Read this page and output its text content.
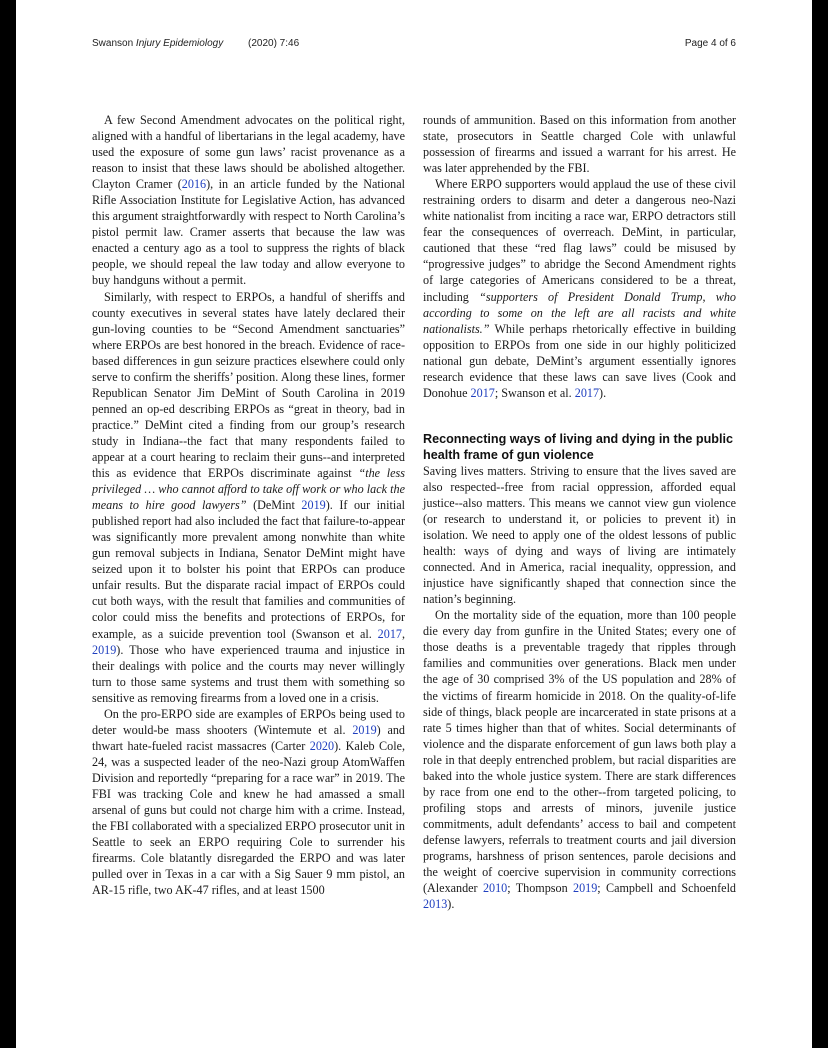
Swanson Injury Epidemiology (2020) 7:46	Page 4 of 6

A few Second Amendment advocates on the political right, aligned with a handful of libertarians in the legal academy, have used the exposure of some gun laws’ racist provenance as a reason to insist that these laws should be abolished altogether. Clayton Cramer (2016), in an article funded by the National Rifle Association Institute for Legislative Action, has advanced this argument straightforwardly with respect to North Carolina’s pistol permit law. Cramer asserts that because the law was enacted a century ago as a tool to suppress the rights of black people, we should repeal the law today and allow everyone to buy handguns without a permit.

Similarly, with respect to ERPOs, a handful of sheriffs and county executives in several states have lately declared their gun-loving counties to be “Second Amendment sanctuaries” where ERPOs are best honored in the breach. Evidence of race-based differences in gun seizure practices elsewhere could only serve to confirm the sheriffs’ position. Along these lines, former Republican Senator Jim DeMint of South Carolina in 2019 penned an op-ed describing ERPOs as “great in theory, bad in practice.” DeMint cited a finding from our group’s research study in Indiana--the fact that many respondents failed to appear at a court hearing to reclaim their guns--and interpreted this as evidence that ERPOs discriminate against “the less privileged … who cannot afford to take off work or who lack the means to hire good lawyers” (DeMint 2019). If our initial published report had also included the fact that failure-to-appear was significantly more prevalent among nonwhite than white gun removal subjects in Indiana, Senator DeMint might have seized upon it to bolster his point that ERPOs can produce unfair results. But the disparate racial impact of ERPOs could cut both ways, with the result that families and communities of color could miss the benefits and protections of ERPOs, for example, as a suicide prevention tool (Swanson et al. 2017, 2019). Those who have experienced trauma and injustice in their dealings with police and the courts may never willingly turn to those same systems and trust them with something so sensitive as removing firearms from a loved one in a crisis.

On the pro-ERPO side are examples of ERPOs being used to deter would-be mass shooters (Wintemute et al. 2019) and thwart hate-fueled racist massacres (Carter 2020). Kaleb Cole, 24, was a suspected leader of the neo-Nazi group AtomWaffen Division and reportedly “preparing for a race war” in 2019. The FBI was tracking Cole and knew he had amassed a small arsenal of guns but could not charge him with a crime. Instead, the FBI collaborated with a specialized ERPO prosecutor unit in Seattle to seek an ERPO requiring Cole to surrender his firearms. Cole blatantly disregarded the ERPO and was later pulled over in Texas in a car with a Sig Sauer 9 mm pistol, an AR-15 rifle, two AK-47 rifles, and at least 1500

rounds of ammunition. Based on this information from another state, prosecutors in Seattle charged Cole with unlawful possession of firearms and issued a warrant for his arrest. He was later apprehended by the FBI.

Where ERPO supporters would applaud the use of these civil restraining orders to disarm and deter a dangerous neo-Nazi white nationalist from inciting a race war, ERPO detractors still fear the consequences of overreach. DeMint, in particular, cautioned that these “red flag laws” could be misused by “progressive judges” to abridge the Second Amendment rights of large categories of Americans considered to be a threat, including “supporters of President Donald Trump, who according to some on the left are all racists and white nationalists.” While perhaps rhetorically effective in building opposition to ERPOs from one side in our highly politicized national gun debate, DeMint’s argument essentially ignores research evidence that these laws can save lives (Cook and Donohue 2017; Swanson et al. 2017).

Reconnecting ways of living and dying in the public health frame of gun violence

Saving lives matters. Striving to ensure that the lives saved are also respected--free from racial oppression, afforded equal justice--also matters. This means we cannot view gun violence (or research to understand it, or policies to prevent it) in isolation. We need to apply one of the oldest lessons of public health: ways of dying and ways of living are intimately connected. And in America, racial inequality, oppression, and injustice have significantly shaped that connection since the nation’s beginning.

On the mortality side of the equation, more than 100 people die every day from gunfire in the United States; every one of those deaths is a preventable tragedy that ripples through families and communities over generations. Black men under the age of 30 comprised 3% of the US population and 28% of the victims of firearm homicide in 2018. On the quality-of-life side of things, black people are incarcerated in state prisons at a rate 5 times higher than that of whites. Social determinants of violence and the disparate enforcement of gun laws both play a role in that deeply entrenched problem, but racial disparities are baked into the whole justice system. There are stark differences by race from one end to the other--from targeted policing, to profiling stops and arrests of minors, juvenile justice commitments, adult defendants’ access to bail and competent defense lawyers, referrals to treatment courts and jail diversion programs, harshness of prison sentences, parole decisions and the weight of coercive supervision in community corrections (Alexander 2010; Thompson 2019; Campbell and Schoenfeld 2013).
